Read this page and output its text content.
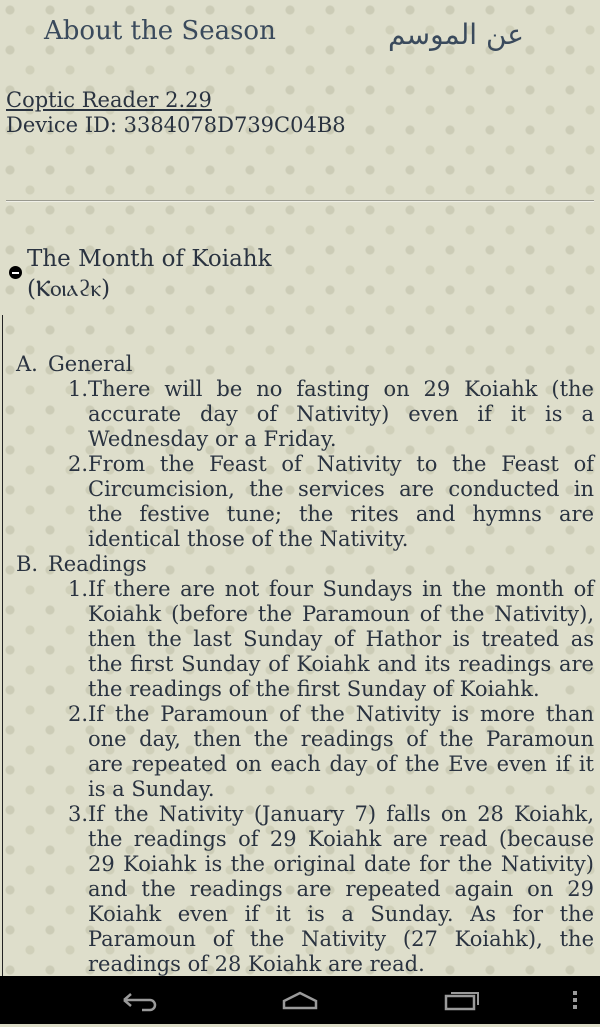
About the Season	عن الموسم
Coptic Reader 2.29
Device ID: 3384078D739C04B8
The Month of Koiahk
(Ⲕⲟⲓⲁϩⲕ)
A. General
1. There will be no fasting on 29 Koiahk (the accurate day of Nativity) even if it is a Wednesday or a Friday.
2. From the Feast of Nativity to the Feast of Circumcision, the services are conducted in the festive tune; the rites and hymns are identical those of the Nativity.
B. Readings
1. If there are not four Sundays in the month of Koiahk (before the Paramoun of the Nativity), then the last Sunday of Hathor is treated as the first Sunday of Koiahk and its readings are the readings of the first Sunday of Koiahk.
2. If the Paramoun of the Nativity is more than one day, then the readings of the Paramoun are repeated on each day of the Eve even if it is a Sunday.
3. If the Nativity (January 7) falls on 28 Koiahk, the readings of 29 Koiahk are read (because 29 Koiahk is the original date for the Nativity) and the readings are repeated again on 29 Koiahk even if it is a Sunday. As for the Paramoun of the Nativity (27 Koiahk), the readings of 28 Koiahk are read.
